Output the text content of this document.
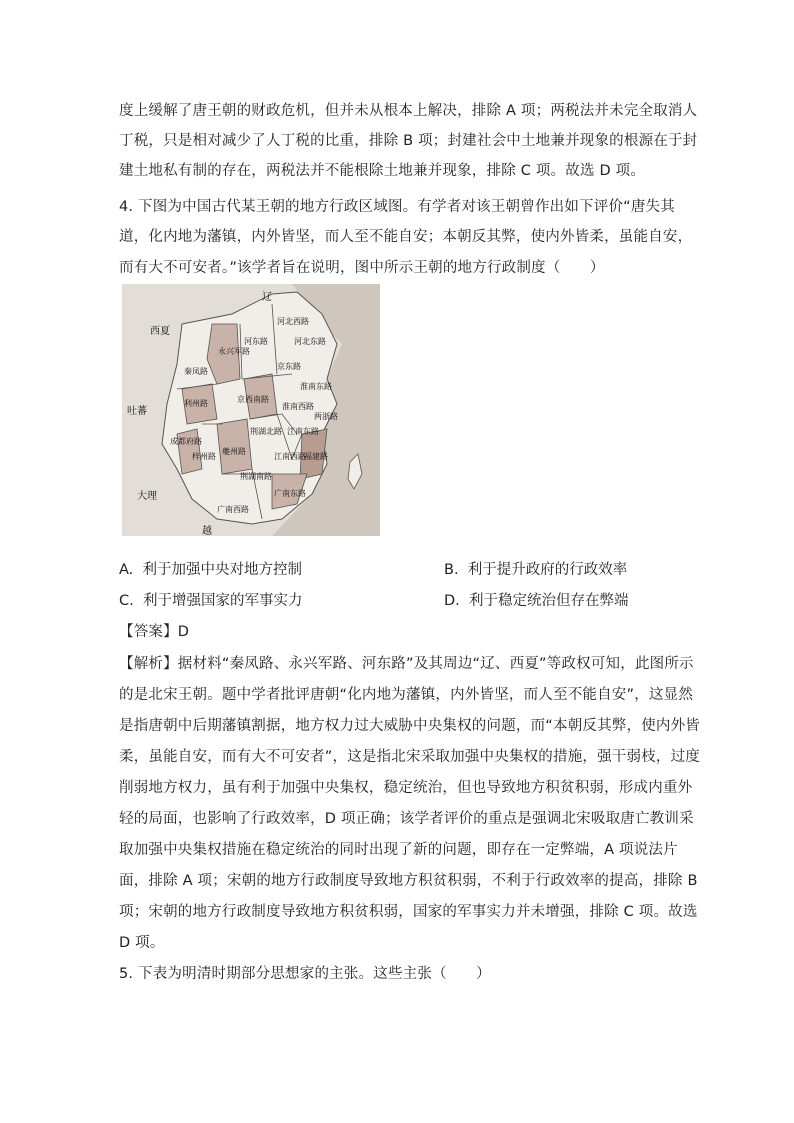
度上缓解了唐王朝的财政危机，但并未从根本上解决，排除 A 项；两税法并未完全取消人
丁税，只是相对减少了人丁税的比重，排除 B 项；封建社会中土地兼并现象的根源在于封
建土地私有制的存在，两税法并不能根除土地兼并现象，排除 C 项。故选 D 项。
4. 下图为中国古代某王朝的地方行政区域图。有学者对该王朝曾作出如下评价“唐失其
道，化内地为藩镇，内外皆坚，而人至不能自安；本朝反其弊，使内外皆柔，虽能自安，
而有大不可安者。”该学者旨在说明，图中所示王朝的地方行政制度（　　）
辽
西夏
吐蕃
大理
越
永兴军路
河东路
河北西路
河北东路
京东路
京西南路
秦凤路
利州路
成都府路
梓州路
夔州路
淮南东路
淮南西路
两浙路
江南东路
江南西路
荆湖北路
荆湖南路
福建路
广南东路
广南西路
A. 利于加强中央对地方控制	B. 利于提升政府的行政效率
C. 利于增强国家的军事实力	D. 利于稳定统治但存在弊端
【答案】D
【解析】据材料“秦凤路、永兴军路、河东路”及其周边“辽、西夏”等政权可知，此图所示
的是北宋王朝。题中学者批评唐朝“化内地为藩镇，内外皆坚，而人至不能自安”，这显然
是指唐朝中后期藩镇割据，地方权力过大威胁中央集权的问题，而“本朝反其弊，使内外皆
柔，虽能自安，而有大不可安者”，这是指北宋采取加强中央集权的措施，强干弱枝，过度
削弱地方权力，虽有利于加强中央集权，稳定统治，但也导致地方积贫积弱，形成内重外
轻的局面，也影响了行政效率，D 项正确；该学者评价的重点是强调北宋吸取唐亡教训采
取加强中央集权措施在稳定统治的同时出现了新的问题，即存在一定弊端，A 项说法片
面，排除 A 项；宋朝的地方行政制度导致地方积贫积弱，不利于行政效率的提高，排除 B
项；宋朝的地方行政制度导致地方积贫积弱，国家的军事实力并未增强，排除 C 项。故选
D 项。
5. 下表为明清时期部分思想家的主张。这些主张（　　）
